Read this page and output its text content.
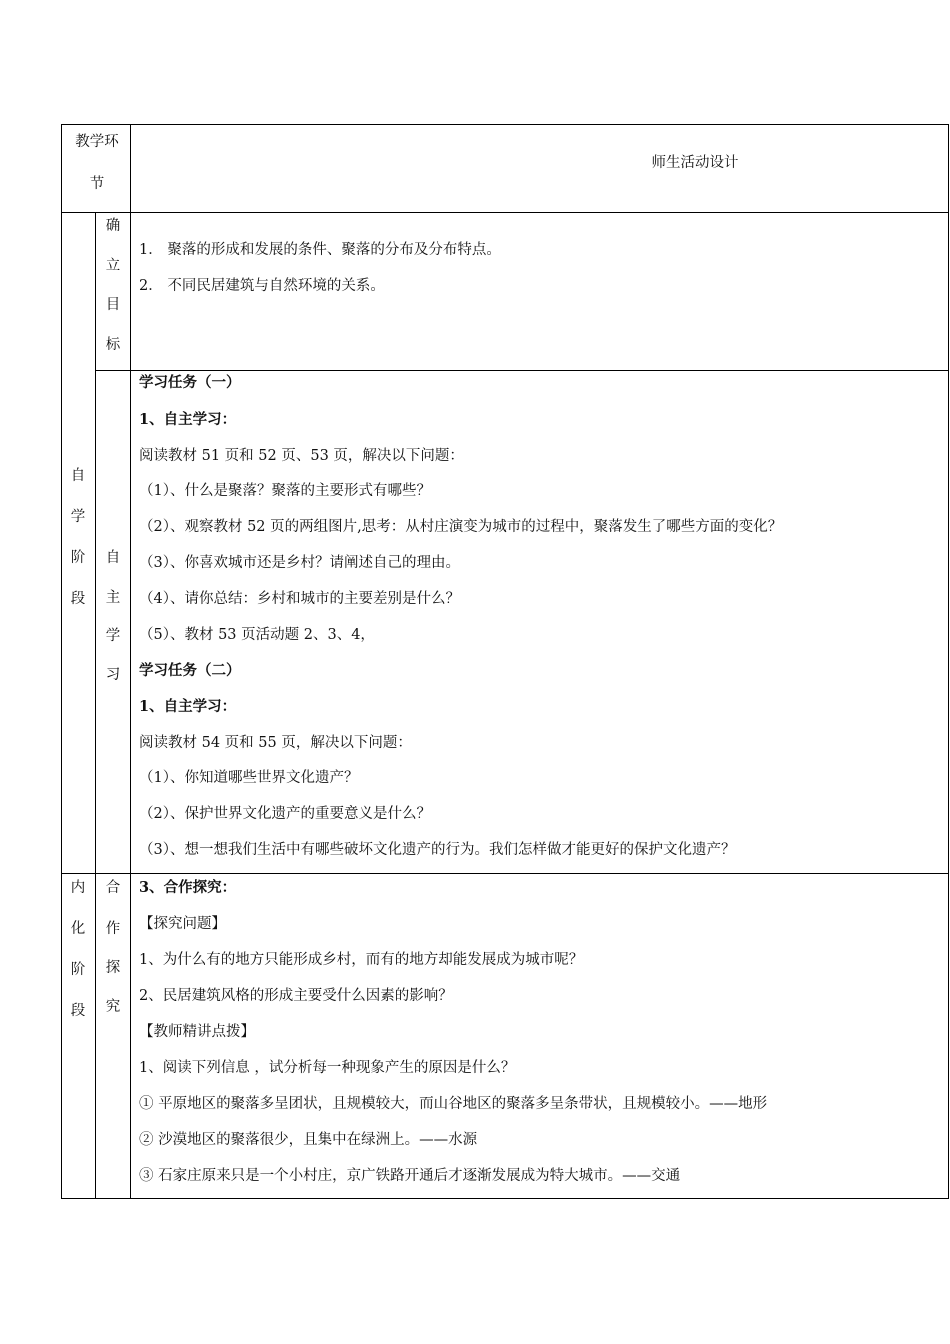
教学环
节
师生活动设计
自
学
阶
段
内
化
阶
段
确
立
目
标
自
主
学
习
合
作
探
究
1． 聚落的形成和发展的条件、聚落的分布及分布特点。
2． 不同民居建筑与自然环境的关系。
学习任务（一）
1、自主学习：
阅读教材 51 页和 52 页、53 页，解决以下问题：
（1）、什么是聚落？聚落的主要形式有哪些？
（2）、观察教材 52 页的两组图片,思考：从村庄演变为城市的过程中，聚落发生了哪些方面的变化？
（3）、你喜欢城市还是乡村？请阐述自己的理由。
（4）、请你总结：乡村和城市的主要差别是什么？
（5）、教材 53 页活动题 2、3、4，
学习任务（二）
1、自主学习：
阅读教材 54 页和 55 页，解决以下问题：
（1）、你知道哪些世界文化遗产？
（2）、保护世界文化遗产的重要意义是什么？
（3）、想一想我们生活中有哪些破坏文化遗产的行为。我们怎样做才能更好的保护文化遗产？
3、合作探究：
【探究问题】
1、为什么有的地方只能形成乡村，而有的地方却能发展成为城市呢？
2、民居建筑风格的形成主要受什么因素的影响？
【教师精讲点拨】
1、阅读下列信息 ，试分析每一种现象产生的原因是什么？
① 平原地区的聚落多呈团状，且规模较大，而山谷地区的聚落多呈条带状，且规模较小。——地形
② 沙漠地区的聚落很少，且集中在绿洲上。——水源
③ 石家庄原来只是一个小村庄，京广铁路开通后才逐渐发展成为特大城市。——交通
